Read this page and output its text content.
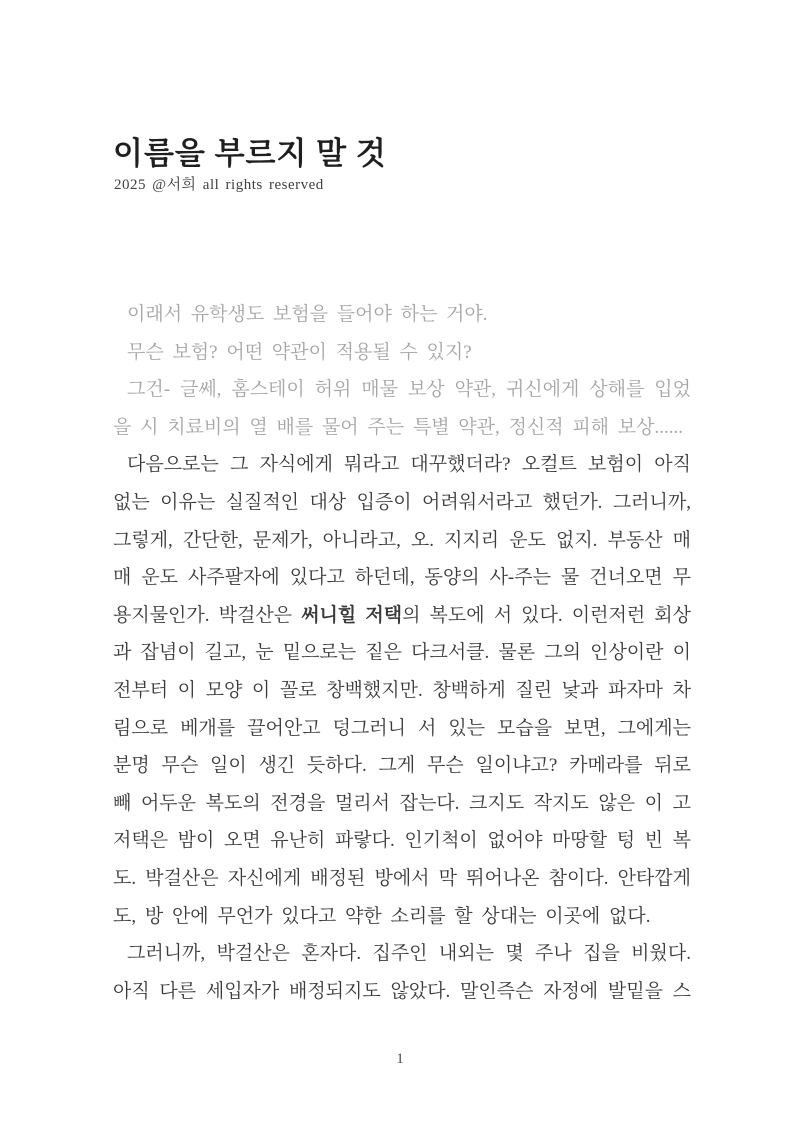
이름을 부르지 말 것
2025 @서희 all rights reserved
이래서 유학생도 보험을 들어야 하는 거야.
무슨 보험? 어떤 약관이 적용될 수 있지?
그건- 글쎄, 홈스테이 허위 매물 보상 약관, 귀신에게 상해를 입었
을 시 치료비의 열 배를 물어 주는 특별 약관, 정신적 피해 보상......
다음으로는 그 자식에게 뭐라고 대꾸했더라? 오컬트 보험이 아직
없는 이유는 실질적인 대상 입증이 어려워서라고 했던가. 그러니까,
그렇게, 간단한, 문제가, 아니라고, 오. 지지리 운도 없지. 부동산 매
매 운도 사주팔자에 있다고 하던데, 동양의 사-주는 물 건너오면 무
용지물인가. 박걸산은 써니힐 저택의 복도에 서 있다. 이런저런 회상
과 잡념이 길고, 눈 밑으로는 짙은 다크서클. 물론 그의 인상이란 이
전부터 이 모양 이 꼴로 창백했지만. 창백하게 질린 낯과 파자마 차
림으로 베개를 끌어안고 덩그러니 서 있는 모습을 보면, 그에게는
분명 무슨 일이 생긴 듯하다. 그게 무슨 일이냐고? 카메라를 뒤로
빼 어두운 복도의 전경을 멀리서 잡는다. 크지도 작지도 않은 이 고
저택은 밤이 오면 유난히 파랗다. 인기척이 없어야 마땅할 텅 빈 복
도. 박걸산은 자신에게 배정된 방에서 막 뛰어나온 참이다. 안타깝게
도, 방 안에 무언가 있다고 약한 소리를 할 상대는 이곳에 없다.
그러니까, 박걸산은 혼자다. 집주인 내외는 몇 주나 집을 비웠다.
아직 다른 세입자가 배정되지도 않았다. 말인즉슨 자정에 발밑을 스
1
